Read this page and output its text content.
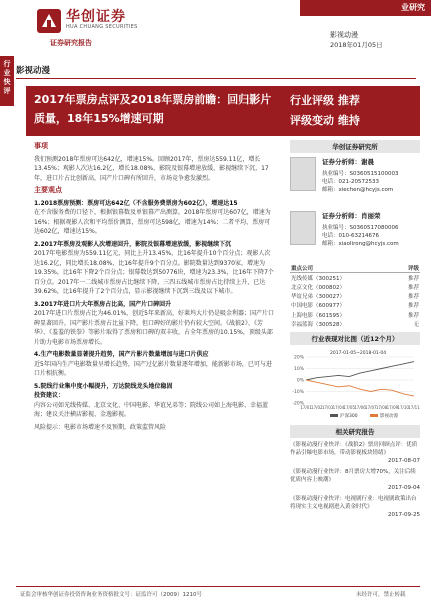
华创证券
HUA CHUANG SECURITIES
证券研究报告
业研究
影视动漫
2018年01月05日
行业快评
影视动漫
2017年票房点评及2018年票房前瞻：回归影片质量，18年15%增速可期
行业评级 推荐
评级变动 维持
事项
我们预测2018年票房可达642亿，增速15%。回顾2017年，票房达559.11亿，增长13.45%；观影人次达16.2亿，增长18.08%，影院及银幕增速放缓，影视继续下沉，17年，进口片占比创新高，国产片口碑有所回升，市场竞争愈发激烈。
主要观点
1.2018票房预测：票房可达642亿（不含服务费票房为602亿），增速达15
在不含服务费的口径下，根据银幕数及单银幕产出测算，2018年票房可达607亿，增速为16%；根据观影人次和平均票价测算，票房可达598亿，增速为14%；二者平均，票房可达602亿，增速达15%。
2.2017年票房及观影人次增速回升，影院及银幕增速放缓，影视继续下沉
2017年电影票房为559.11亿元，同比上升13.45%，比16年提升10个百分点；观影人次达16.2亿，同比增长18.08%，比16年提升9个百分点。影院数量达到9370家，增速为19.35%，比16年下降2个百分点；银幕数达到50776块，增速为23.3%，比16年下降7个百分点。2017年一二线城市票房占比继续下降，三四五线城市票房占比持续上升，已达39.62%，比16年提升了2个百分点，显示影视继续下沉到三线及以下城市。
3.2017年进口片大年票房占比高，国产片口碑回升
2017年进口片票房占比为46.01%，创近5年来新高，好莱坞大片仍是吸金利器；国产片口碑显著回升，国产影片票房占比虽下降，但口碑好的影片仍有较大空间。《战狼2》、《芳华》、《羞羞的铁拳》等影片取得了票房和口碑的双丰收，占全年票房的10.15%，顶级头部片助力电影市场票房增长。
4.生产电影数量显著提升趋势，国产片影片数量增加与进口片供应
近5年国内生产电影数量呈增长趋势，国产过亿影片数量逐年增加，能新影市场，已可与进口片相抗衡。
5.院线行业集中度小幅提升，万达院线龙头地位稳固
投资建议：
内容公司如光线传媒、北京文化、中国电影、华谊兄弟等；院线公司如上海电影、幸福蓝海；建议关注横店影视、金逸影视。
风险提示：电影市场增速不及预期，政策监管风险
华创证券研究所
证券分析师：谢晨
执业编号：S0360515100003
电话：021-20572533
邮箱：xiechen@hcyjs.com
证券分析师：肖丽荣
执业编号：S0360517080006
电话：010-63214676
邮箱：xiaolirong@hcyjs.com
重点公司	评级
光线传媒（300251）	推荐
北京文化（000802）	推荐
华谊兄弟（300027）	推荐
中国电影（600977）	推荐
上海电影（601595）	推荐
幸福蓝海（300528）	无
行业表现对比图（近12个月）
2017-01-05~2018-01-04
20%
10%
0%
-10%
-20%
17/01 17/02 17/03 17/04 17/05 17/06 17/07 17/08 17/09 17/10 17/11
沪深300	影视动漫
相关研究报告
《影视动漫行业快评：《战狼2》票房回顾点评：优质作品引爆电影市场，带动影视板块情绪》
2017-08-07
《影视动漫行业快评：8月票房大增70%，关注后续优质内容上映潮》
2017-09-04
《影视动漫行业快评：电视剧行业：电视剧政策出台将现实主义电视剧进入黄金时代》
2017-09-25
证监会审核华创证券投资咨询业务资格批文号：证监许可（2009）1210号	未经许可，禁止转载
